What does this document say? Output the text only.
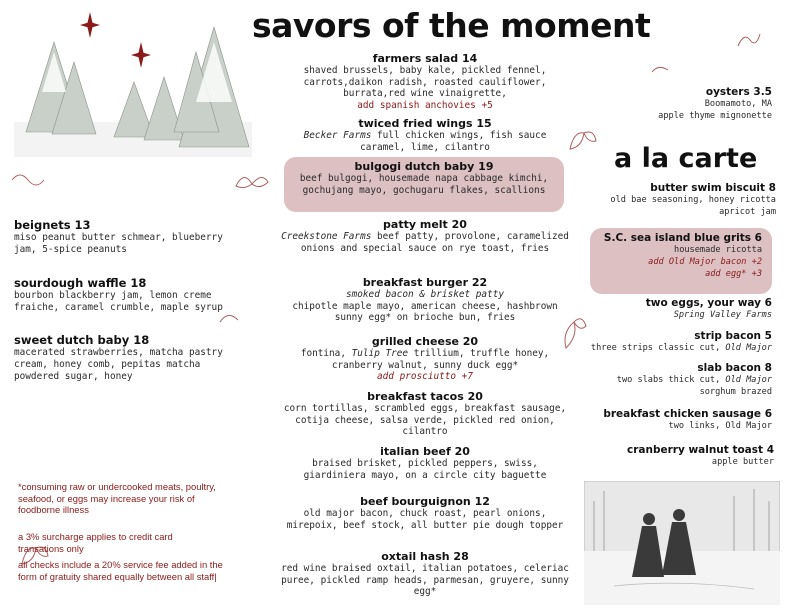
savors of the moment
a la carte
farmers salad 14
shaved brussels, baby kale, pickled fennel, carrots,daikon radish, roasted cauliflower, burrata,red wine vinaigrette,
add spanish anchovies +5
twiced fried wings 15
Becker Farms full chicken wings, fish sauce caramel, lime, cilantro
bulgogi dutch baby 19
beef bulgogi, housemade napa cabbage kimchi, gochujang mayo, gochugaru flakes, scallions
patty melt 20
Creekstone Farms beef patty, provolone, caramelized onions and special sauce on rye toast, fries
breakfast burger 22
smoked bacon & brisket patty
chipotle maple mayo, american cheese, hashbrown sunny egg* on brioche bun, fries
grilled cheese 20
fontina, Tulip Tree trillium, truffle honey, cranberry walnut, sunny duck egg*
add prosciutto +7
breakfast tacos 20
corn tortillas, scrambled eggs, breakfast sausage, cotija cheese, salsa verde, pickled red onion, cilantro
italian beef 20
braised brisket, pickled peppers, swiss, giardiniera mayo, on a circle city baguette
beef bourguignon 12
old major bacon, chuck roast, pearl onions, mirepoix, beef stock, all butter pie dough topper
oxtail hash 28
red wine braised oxtail, italian potatoes, celeriac puree, pickled ramp heads, parmesan, gruyere, sunny egg*
beignets 13
miso peanut butter schmear, blueberry jam, 5-spice peanuts
sourdough waffle 18
bourbon blackberry jam, lemon creme fraiche, caramel crumble, maple syrup
sweet dutch baby 18
macerated strawberries, matcha pastry cream, honey comb, pepitas matcha powdered sugar, honey
*consuming raw or undercooked meats, poultry, seafood, or eggs may increase your risk of foodborne illness
a 3% surcharge applies to credit card transations only
all checks include a 20% service fee added in the form of gratuity shared equally between all staff|
oysters 3.5
Boomamoto, MA
apple thyme mignonette
butter swim biscuit 8
old bae seasoning, honey ricotta
apricot jam
S.C. sea island blue grits 6
housemade ricotta
add Old Major bacon +2
add egg* +3
two eggs, your way 6
Spring Valley Farms
strip bacon 5
three strips classic cut, Old Major
slab bacon 8
two slabs thick cut, Old Major
sorghum brazed
breakfast chicken sausage 6
two links, Old Major
cranberry walnut toast 4
apple butter
